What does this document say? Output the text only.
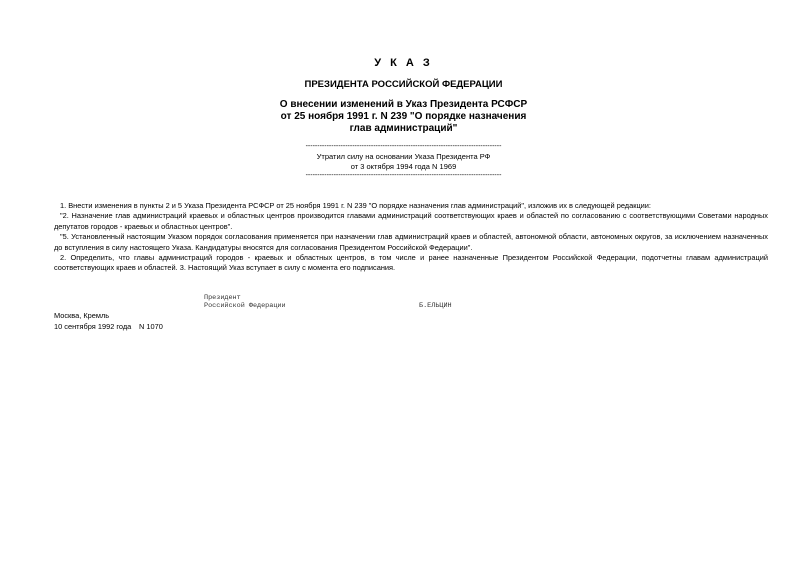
У К А З
ПРЕЗИДЕНТА РОССИЙСКОЙ ФЕДЕРАЦИИ
О внесении изменений в Указ Президента РСФСР
от 25 ноября 1991 г. N 239 "О порядке назначения
глав администраций"
------------------------------------------------------------------------------------
Утратил силу на основании Указа Президента РФ
от 3 октября 1994 года N 1969
------------------------------------------------------------------------------------

1. Внести изменения в пункты 2 и 5 Указа Президента РСФСР от 25 ноября 1991 г. N 239 "О порядке назначения глав администраций", изложив их в следующей редакции:

"2. Назначение глав администраций краевых и областных центров производится главами администраций соответствующих краев и областей по согласованию с соответствующими Советами народных депутатов городов - краевых и областных центров".

"5. Установленный настоящим Указом порядок согласования применяется при назначении глав администраций краев и областей, автономной области, автономных округов, за исключением назначенных до вступления в силу настоящего Указа. Кандидатуры вносятся для согласования Президентом Российской Федерации".

2. Определить, что главы администраций городов - краевых и областных центров, в том числе и ранее назначенные Президентом Российской Федерации, подотчетны главам администраций соответствующих краев и областей. 3. Настоящий Указ вступает в силу с момента его подписания.

Президент
Российской Федерации	Б.ЕЛЬЦИН
Москва, Кремль
10 сентября 1992 года N 1070
